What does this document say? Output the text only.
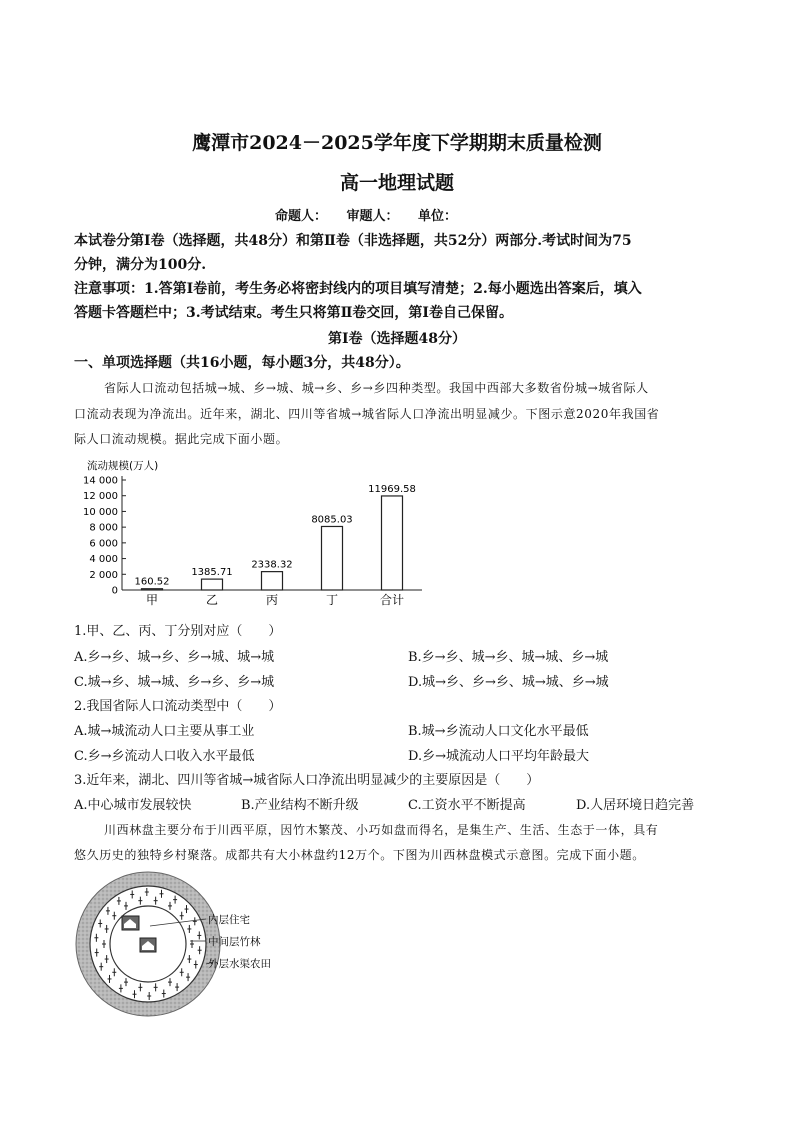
鹰潭市2024－2025学年度下学期期末质量检测
高一地理试题
命题人：　　审题人：　　单位：
本试卷分第Ⅰ卷（选择题，共48分）和第Ⅱ卷（非选择题，共52分）两部分.考试时间为75
分钟，满分为100分.
注意事项：1.答第Ⅰ卷前，考生务必将密封线内的项目填写清楚；2.每小题选出答案后，填入
答题卡答题栏中；3.考试结束。考生只将第Ⅱ卷交回，第Ⅰ卷自己保留。
第Ⅰ卷（选择题48分）
一、单项选择题（共16小题，每小题3分，共48分）。
省际人口流动包括城→城、乡→城、城→乡、乡→乡四种类型。我国中西部大多数省份城→城省际人
口流动表现为净流出。近年来，湖北、四川等省城→城省际人口净流出明显减少。下图示意2020年我国省
际人口流动规模。据此完成下面小题。
流动规模(万人)
0
2 000
4 000
6 000
8 000
10 000
12 000
14 000
160.52
甲
1385.71
乙
2338.32
丙
8085.03
丁
11969.58
合计
1.甲、乙、丙、丁分别对应（　　）
A.乡→乡、城→乡、乡→城、城→城	B.乡→乡、城→乡、城→城、乡→城
C.城→乡、城→城、乡→乡、乡→城	D.城→乡、乡→乡、城→城、乡→城
2.我国省际人口流动类型中（　　）
A.城→城流动人口主要从事工业	B.城→乡流动人口文化水平最低
C.乡→乡流动人口收入水平最低	D.乡→城流动人口平均年龄最大
3.近年来，湖北、四川等省城→城省际人口净流出明显减少的主要原因是（　　）
A.中心城市发展较快	B.产业结构不断升级	C.工资水平不断提高	D.人居环境日趋完善
川西林盘主要分布于川西平原，因竹木繁茂、小巧如盘而得名，是集生产、生活、生态于一体，具有
悠久历史的独特乡村聚落。成都共有大小林盘约12万个。下图为川西林盘模式示意图。完成下面小题。
内层住宅
中间层竹林
外层水渠农田
